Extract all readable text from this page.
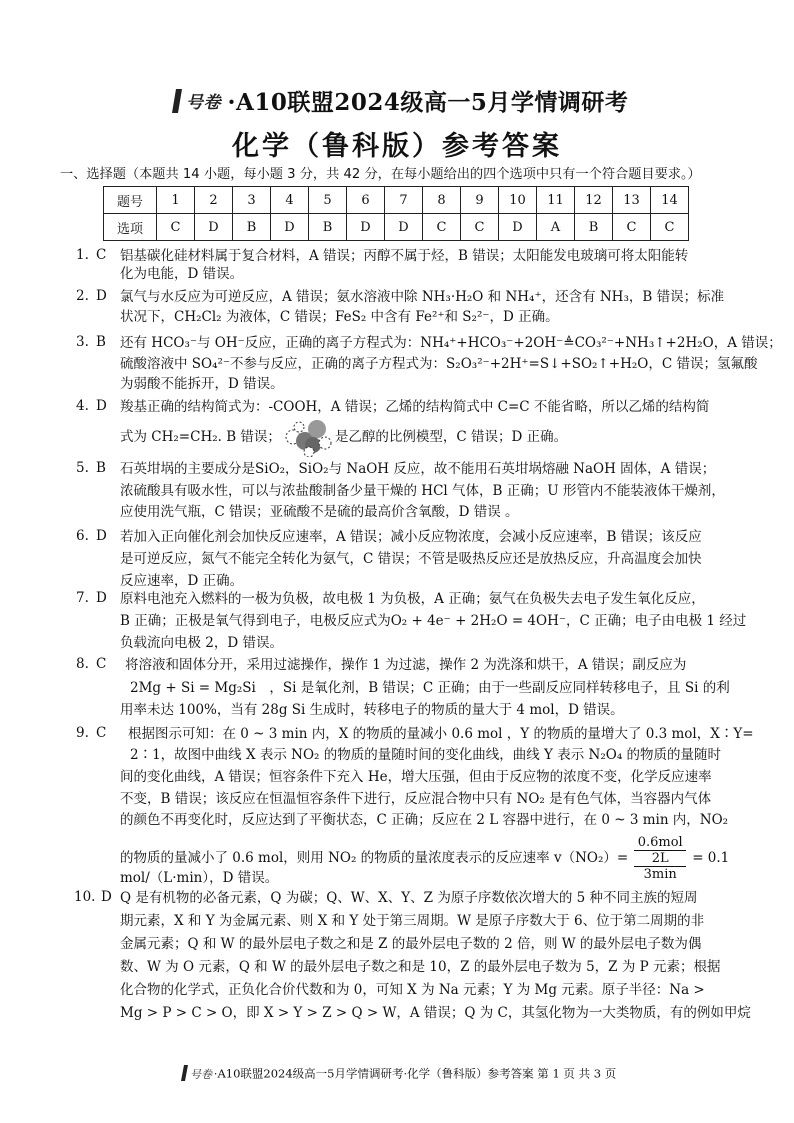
号卷 ·A10联盟2024级高一5月学情调研考
化学（鲁科版）参考答案
一、选择题（本题共 14 小题，每小题 3 分，共 42 分，在每小题给出的四个选项中只有一个符合题目要求。）
题号	1	2	3	4	5	6	7	8	9	10	11	12	13	14
选项	C	D	B	D	B	D	D	C	C	D	A	B	C	C
1. C 铝基碳化硅材料属于复合材料，A 错误；丙醇不属于烃，B 错误；太阳能发电玻璃可将太阳能转
化为电能，D 错误。
2. D 氯气与水反应为可逆反应，A 错误；氨水溶液中除 NH₃·H₂O 和 NH₄⁺，还含有 NH₃，B 错误；标准
状况下，CH₂Cl₂ 为液体，C 错误；FeS₂ 中含有 Fe²⁺和 S₂²⁻，D 正确。
3. B 还有 HCO₃⁻与 OH⁻反应，正确的离子方程式为：NH₄⁺+HCO₃⁻+2OH⁻≜CO₃²⁻+NH₃↑+2H₂O，A 错误；
硫酸溶液中 SO₄²⁻不参与反应，正确的离子方程式为：S₂O₃²⁻+2H⁺=S↓+SO₂↑+H₂O，C 错误；氢氟酸
为弱酸不能拆开，D 错误。
4. D 羧基正确的结构简式为：-COOH，A 错误；乙烯的结构简式中 C=C 不能省略，所以乙烯的结构简
式为 CH₂=CH₂. B 错误；	是乙醇的比例模型，C 错误；D 正确。
5. B 石英坩埚的主要成分是SiO₂，SiO₂与 NaOH 反应，故不能用石英坩埚熔融 NaOH 固体，A 错误；
浓硫酸具有吸水性，可以与浓盐酸制备少量干燥的 HCl 气体，B 正确；U 形管内不能装液体干燥剂，
应使用洗气瓶，C 错误；亚硫酸不是硫的最高价含氧酸，D 错误 。
6. D 若加入正向催化剂会加快反应速率，A 错误；减小反应物浓度，会减小反应速率，B 错误；该反应
是可逆反应，氮气不能完全转化为氨气，C 错误；不管是吸热反应还是放热反应，升高温度会加快
反应速率，D 正确。
7. D 原料电池充入燃料的一极为负极，故电极 1 为负极，A 正确；氨气在负极失去电子发生氧化反应，
B 正确；正极是氧气得到电子，电极反应式为O₂ + 4e⁻ + 2H₂O = 4OH⁻，C 正确；电子由电极 1 经过
负载流向电极 2，D 错误。
8. C 将溶液和固体分开，采用过滤操作，操作 1 为过滤，操作 2 为洗涤和烘干，A 错误；副反应为
2Mg + Si = Mg₂Si　，Si 是氧化剂，B 错误；C 正确；由于一些副反应同样转移电子，且 Si 的利
用率未达 100%，当有 28g Si 生成时，转移电子的物质的量大于 4 mol，D 错误。
9. C 根据图示可知：在 0 ~ 3 min 内，X 的物质的量减小 0.6 mol ，Y 的物质的量增大了 0.3 mol，X∶Y=
2∶1，故图中曲线 X 表示 NO₂ 的物质的量随时间的变化曲线，曲线 Y 表示 N₂O₄ 的物质的量随时
间的变化曲线，A 错误；恒容条件下充入 He，增大压强，但由于反应物的浓度不变，化学反应速率
不变，B 错误；该反应在恒温恒容条件下进行，反应混合物中只有 NO₂ 是有色气体，当容器内气体
的颜色不再变化时，反应达到了平衡状态，C 正确；反应在 2 L 容器中进行，在 0 ~ 3 min 内，NO₂
的物质的量减小了 0.6 mol，则用 NO₂ 的物质的量浓度表示的反应速率 v（NO₂）=
0.6mol
2L
3min
= 0.1
mol/（L·min），D 错误。
10. D Q 是有机物的必备元素，Q 为碳；Q、W、X、Y、Z 为原子序数依次增大的 5 种不同主族的短周
期元素，X 和 Y 为金属元素、则 X 和 Y 处于第三周期。W 是原子序数大于 6、位于第二周期的非
金属元素；Q 和 W 的最外层电子数之和是 Z 的最外层电子数的 2 倍，则 W 的最外层电子数为偶
数、W 为 O 元素，Q 和 W 的最外层电子数之和是 10，Z 的最外层电子数为 5，Z 为 P 元素；根据
化合物的化学式，正负化合价代数和为 0，可知 X 为 Na 元素；Y 为 Mg 元素。原子半径：Na >
Mg > P > C > O，即 X > Y > Z > Q > W，A 错误；Q 为 C，其氢化物为一大类物质，有的例如甲烷
号卷 ·A10联盟2024级高一5月学情调研考·化学（鲁科版）参考答案 第 1 页 共 3 页
